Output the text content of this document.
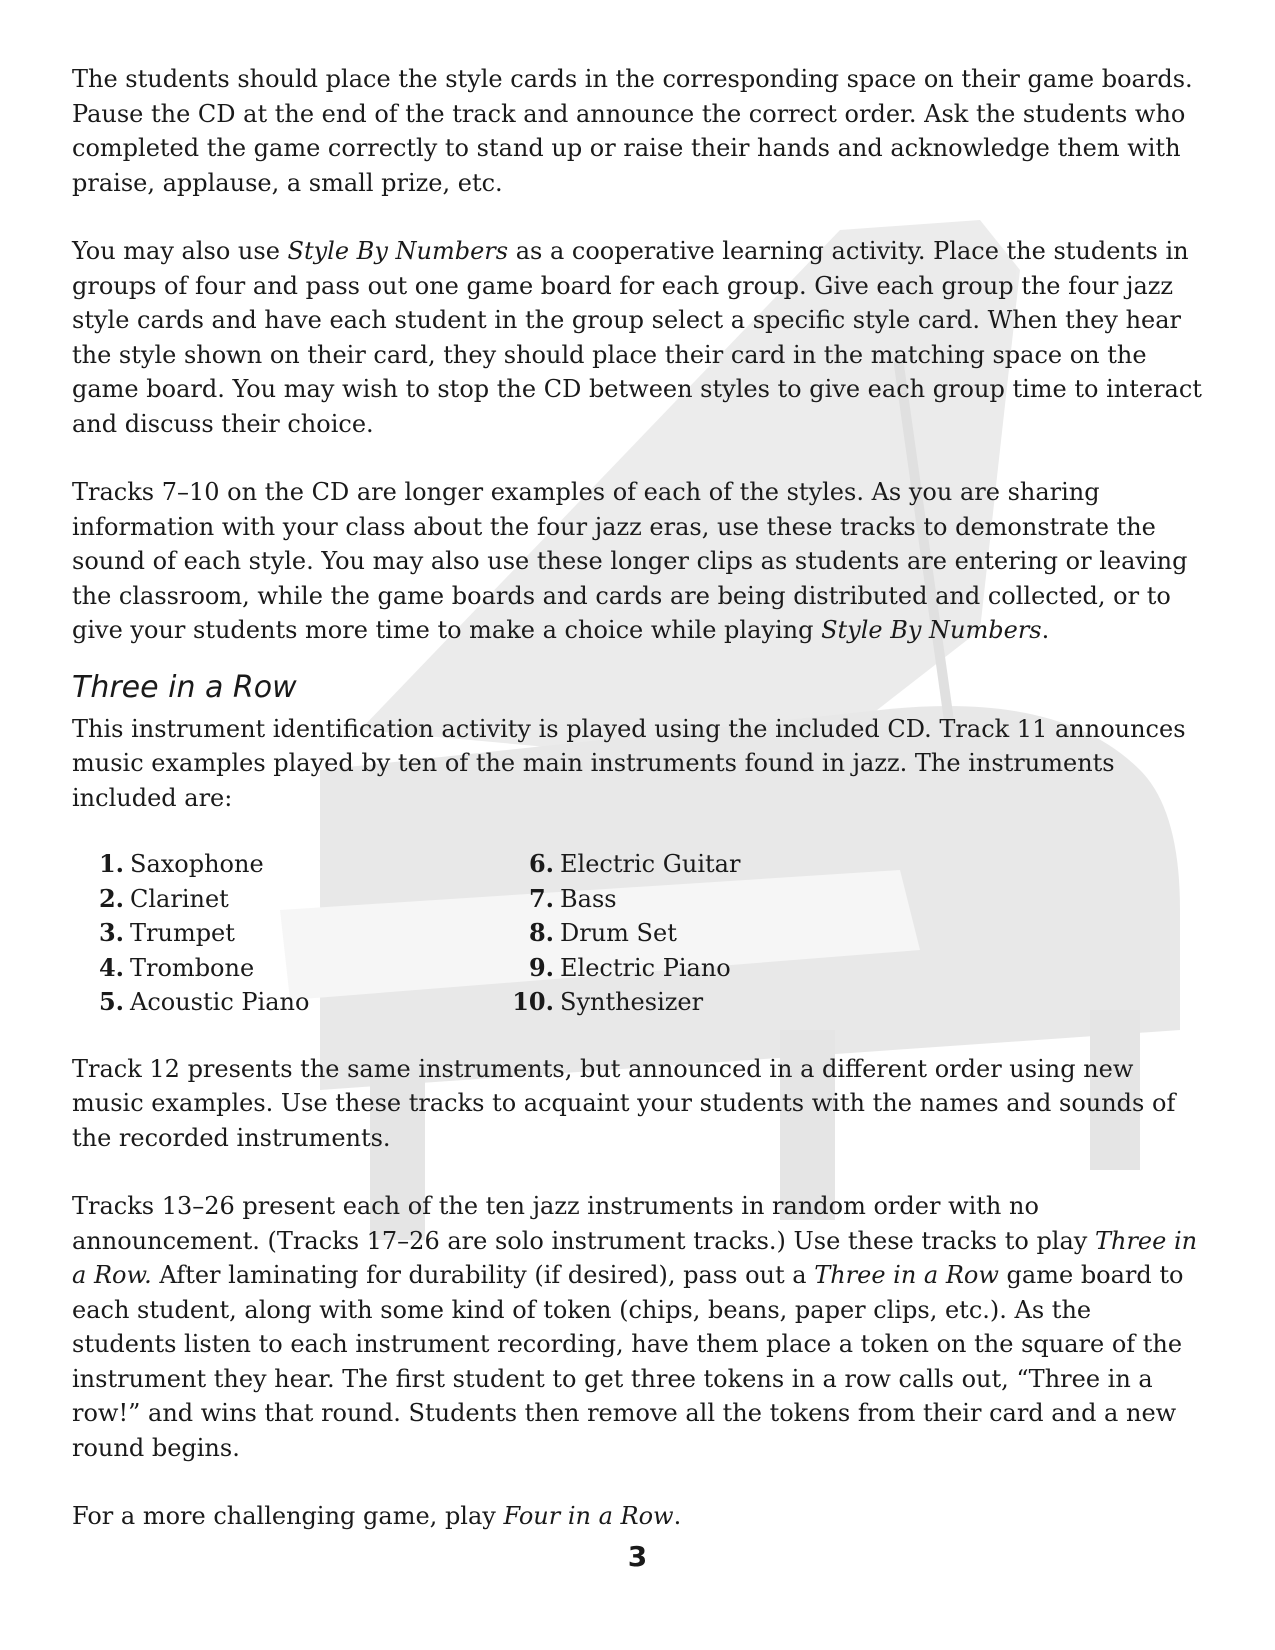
The students should place the style cards in the corresponding space on their game boards. Pause the CD at the end of the track and announce the correct order. Ask the students who completed the game correctly to stand up or raise their hands and acknowledge them with praise, applause, a small prize, etc.

You may also use Style By Numbers as a cooperative learning activity. Place the students in groups of four and pass out one game board for each group. Give each group the four jazz style cards and have each student in the group select a specific style card. When they hear the style shown on their card, they should place their card in the matching space on the game board. You may wish to stop the CD between styles to give each group time to interact and discuss their choice.

Tracks 7–10 on the CD are longer examples of each of the styles. As you are sharing information with your class about the four jazz eras, use these tracks to demonstrate the sound of each style. You may also use these longer clips as students are entering or leaving the classroom, while the game boards and cards are being distributed and collected, or to give your students more time to make a choice while playing Style By Numbers.

Three in a Row

This instrument identification activity is played using the included CD. Track 11 announces music examples played by ten of the main instruments found in jazz. The instruments included are:

1. Saxophone
2. Clarinet
3. Trumpet
4. Trombone
5. Acoustic Piano
6. Electric Guitar
7. Bass
8. Drum Set
9. Electric Piano
10. Synthesizer

Track 12 presents the same instruments, but announced in a different order using new music examples. Use these tracks to acquaint your students with the names and sounds of the recorded instruments.

Tracks 13–26 present each of the ten jazz instruments in random order with no announcement. (Tracks 17–26 are solo instrument tracks.) Use these tracks to play Three in a Row. After laminating for durability (if desired), pass out a Three in a Row game board to each student, along with some kind of token (chips, beans, paper clips, etc.). As the students listen to each instrument recording, have them place a token on the square of the instrument they hear. The first student to get three tokens in a row calls out, “Three in a row!” and wins that round. Students then remove all the tokens from their card and a new round begins.

For a more challenging game, play Four in a Row.

3
